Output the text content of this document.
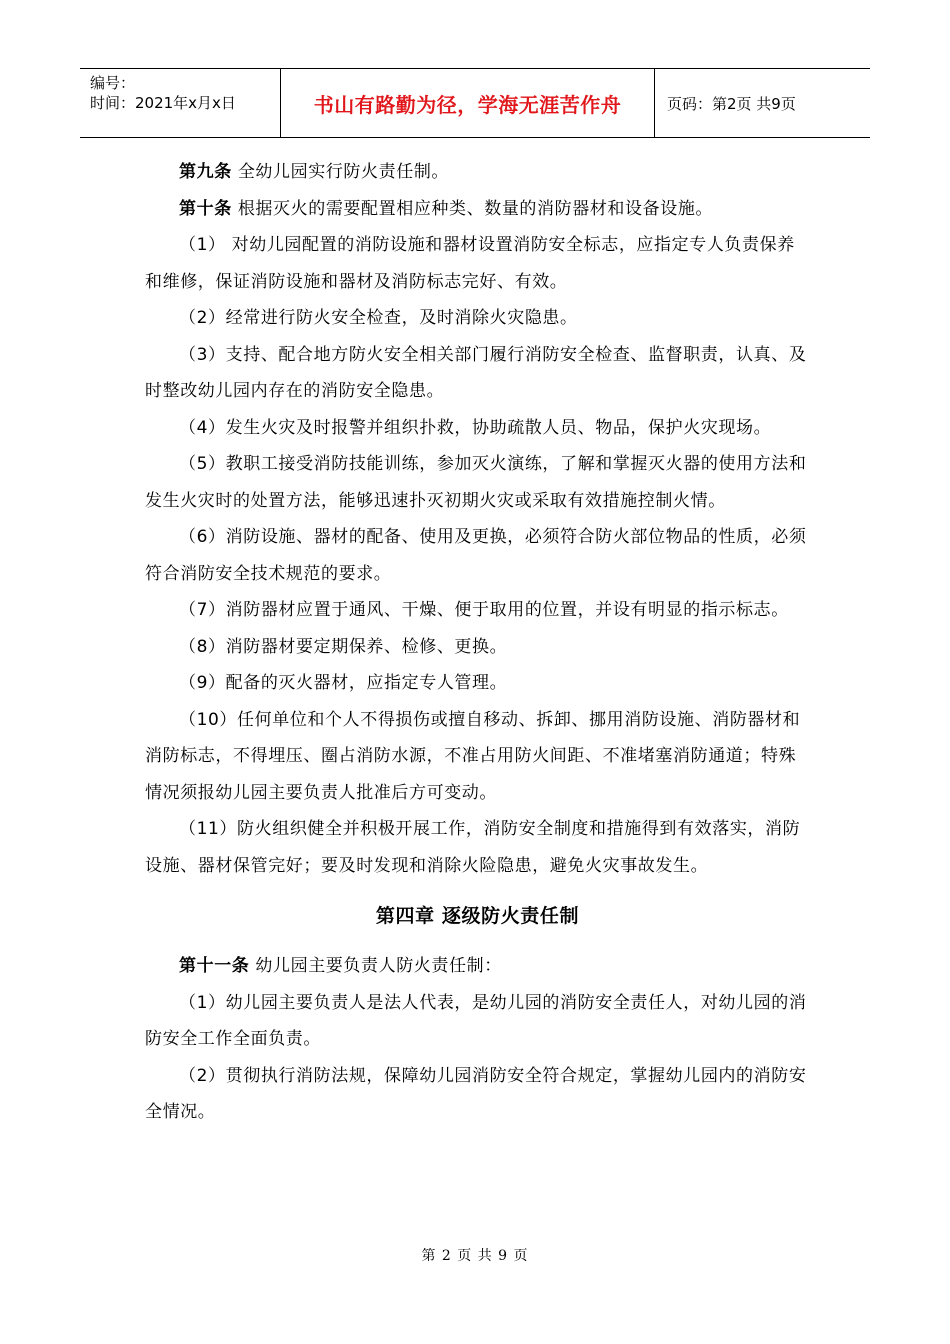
编号：
时间：2021年x月x日	书山有路勤为径，学海无涯苦作舟	页码：第2页 共9页

第九条 全幼儿园实行防火责任制。

第十条 根据灭火的需要配置相应种类、数量的消防器材和设备设施。

（1） 对幼儿园配置的消防设施和器材设置消防安全标志，应指定专人负责保养和维修，保证消防设施和器材及消防标志完好、有效。

（2）经常进行防火安全检查，及时消除火灾隐患。

（3）支持、配合地方防火安全相关部门履行消防安全检查、监督职责，认真、及时整改幼儿园内存在的消防安全隐患。

（4）发生火灾及时报警并组织扑救，协助疏散人员、物品，保护火灾现场。

（5）教职工接受消防技能训练，参加灭火演练，了解和掌握灭火器的使用方法和发生火灾时的处置方法，能够迅速扑灭初期火灾或采取有效措施控制火情。

（6）消防设施、器材的配备、使用及更换，必须符合防火部位物品的性质，必须符合消防安全技术规范的要求。

（7）消防器材应置于通风、干燥、便于取用的位置，并设有明显的指示标志。

（8）消防器材要定期保养、检修、更换。

（9）配备的灭火器材，应指定专人管理。

（10）任何单位和个人不得损伤或擅自移动、拆卸、挪用消防设施、消防器材和消防标志，不得埋压、圈占消防水源，不准占用防火间距、不准堵塞消防通道；特殊情况须报幼儿园主要负责人批准后方可变动。

（11）防火组织健全并积极开展工作，消防安全制度和措施得到有效落实，消防设施、器材保管完好；要及时发现和消除火险隐患，避免火灾事故发生。

第四章 逐级防火责任制

第十一条 幼儿园主要负责人防火责任制：

（1）幼儿园主要负责人是法人代表，是幼儿园的消防安全责任人，对幼儿园的消防安全工作全面负责。

（2）贯彻执行消防法规，保障幼儿园消防安全符合规定，掌握幼儿园内的消防安全情况。

第 2 页 共 9 页
